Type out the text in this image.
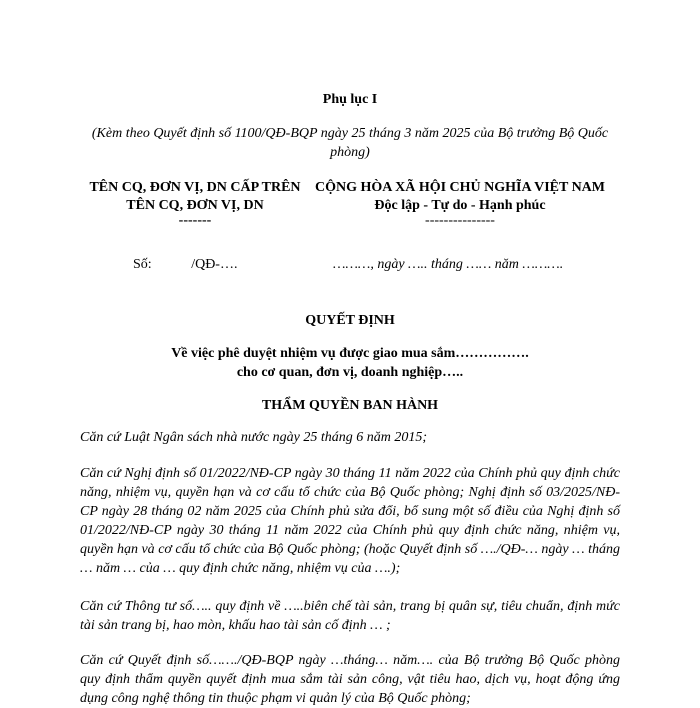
Phụ lục I
(Kèm theo Quyết định số 1100/QĐ-BQP ngày 25 tháng 3 năm 2025 của Bộ trưởng Bộ Quốc phòng)
TÊN CQ, ĐƠN VỊ, DN CẤP TRÊN
TÊN CQ, ĐƠN VỊ, DN
-------
CỘNG HÒA XÃ HỘI CHỦ NGHĨA VIỆT NAM
Độc lập - Tự do - Hạnh phúc
---------------
Số:	/QĐ-….	………, ngày ….. tháng …… năm ……….
QUYẾT ĐỊNH
Về việc phê duyệt nhiệm vụ được giao mua sắm…………….
cho cơ quan, đơn vị, doanh nghiệp…..
THẨM QUYỀN BAN HÀNH

Căn cứ Luật Ngân sách nhà nước ngày 25 tháng 6 năm 2015;

Căn cứ Nghị định số 01/2022/NĐ-CP ngày 30 tháng 11 năm 2022 của Chính phủ quy định chức năng, nhiệm vụ, quyền hạn và cơ cấu tổ chức của Bộ Quốc phòng; Nghị định số 03/2025/NĐ-CP ngày 28 tháng 02 năm 2025 của Chính phủ sửa đổi, bổ sung một số điều của Nghị định số 01/2022/NĐ-CP ngày 30 tháng 11 năm 2022 của Chính phủ quy định chức năng, nhiệm vụ, quyền hạn và cơ cấu tổ chức của Bộ Quốc phòng; (hoặc Quyết định số …./QĐ-… ngày … tháng … năm … của … quy định chức năng, nhiệm vụ của ….);

Căn cứ Thông tư số….. quy định về …..biên chế tài sản, trang bị quân sự, tiêu chuẩn, định mức tài sản trang bị, hao mòn, khấu hao tài sản cố định … ;

Căn cứ Quyết định số……./QĐ-BQP ngày …tháng… năm…. của Bộ trưởng Bộ Quốc phòng quy định thẩm quyền quyết định mua sắm tài sản công, vật tiêu hao, dịch vụ, hoạt động ứng dụng công nghệ thông tin thuộc phạm vi quản lý của Bộ Quốc phòng;
